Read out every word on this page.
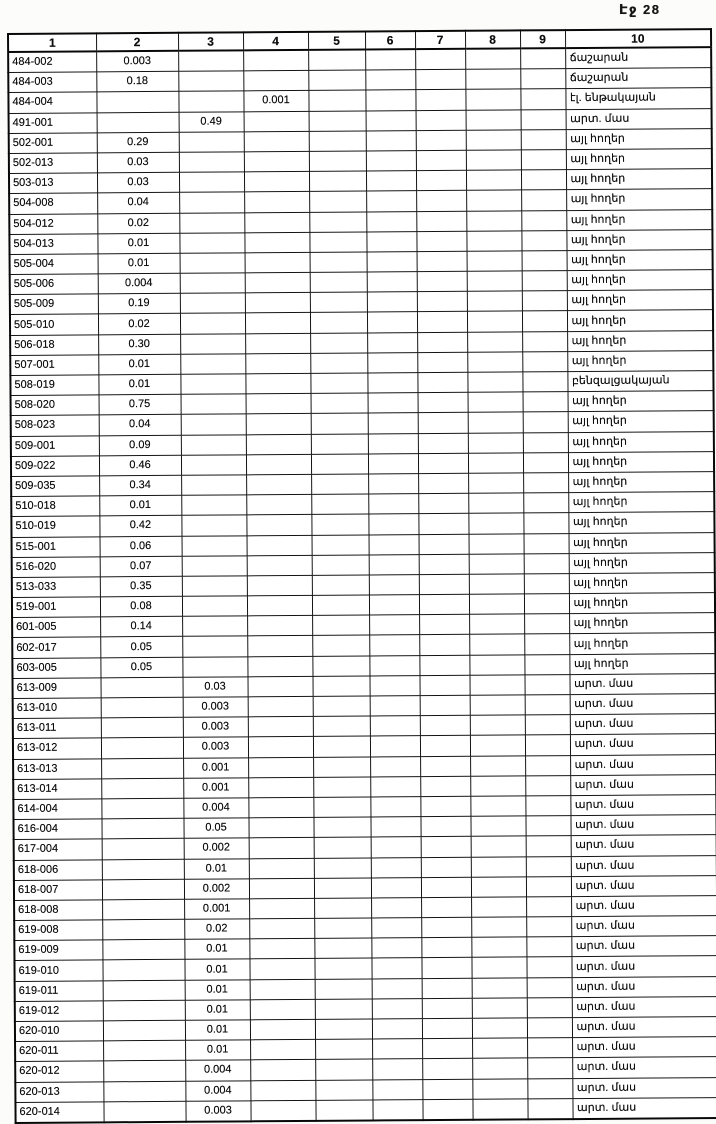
Էջ 28
1	2	3	4	5	6	7	8	9	10
484-002	0.003								ճաշարան
484-003	0.18								ճաշարան
484-004			0.001						էլ. ենթակայան
491-001		0.49							արտ. մաս
502-001	0.29								այլ հողեր
502-013	0.03								այլ հողեր
503-013	0.03								այլ հողեր
504-008	0.04								այլ հողեր
504-012	0.02								այլ հողեր
504-013	0.01								այլ հողեր
505-004	0.01								այլ հողեր
505-006	0.004								այլ հողեր
505-009	0.19								այլ հողեր
505-010	0.02								այլ հողեր
506-018	0.30								այլ հողեր
507-001	0.01								այլ հողեր
508-019	0.01								բենզալցակայան
508-020	0.75								այլ հողեր
508-023	0.04								այլ հողեր
509-001	0.09								այլ հողեր
509-022	0.46								այլ հողեր
509-035	0.34								այլ հողեր
510-018	0.01								այլ հողեր
510-019	0.42								այլ հողեր
515-001	0.06								այլ հողեր
516-020	0.07								այլ հողեր
513-033	0.35								այլ հողեր
519-001	0.08								այլ հողեր
601-005	0.14								այլ հողեր
602-017	0.05								այլ հողեր
603-005	0.05								այլ հողեր
613-009		0.03							արտ. մաս
613-010		0.003							արտ. մաս
613-011		0.003							արտ. մաս
613-012		0.003							արտ. մաս
613-013		0.001							արտ. մաս
613-014		0.001							արտ. մաս
614-004		0.004							արտ. մաս
616-004		0.05							արտ. մաս
617-004		0.002							արտ. մաս
618-006		0.01							արտ. մաս
618-007		0.002							արտ. մաս
618-008		0.001							արտ. մաս
619-008		0.02							արտ. մաս
619-009		0.01							արտ. մաս
619-010		0.01							արտ. մաս
619-011		0.01							արտ. մաս
619-012		0.01							արտ. մաս
620-010		0.01							արտ. մաս
620-011		0.01							արտ. մաս
620-012		0.004							արտ. մաս
620-013		0.004							արտ. մաս
620-014		0.003							արտ. մաս
